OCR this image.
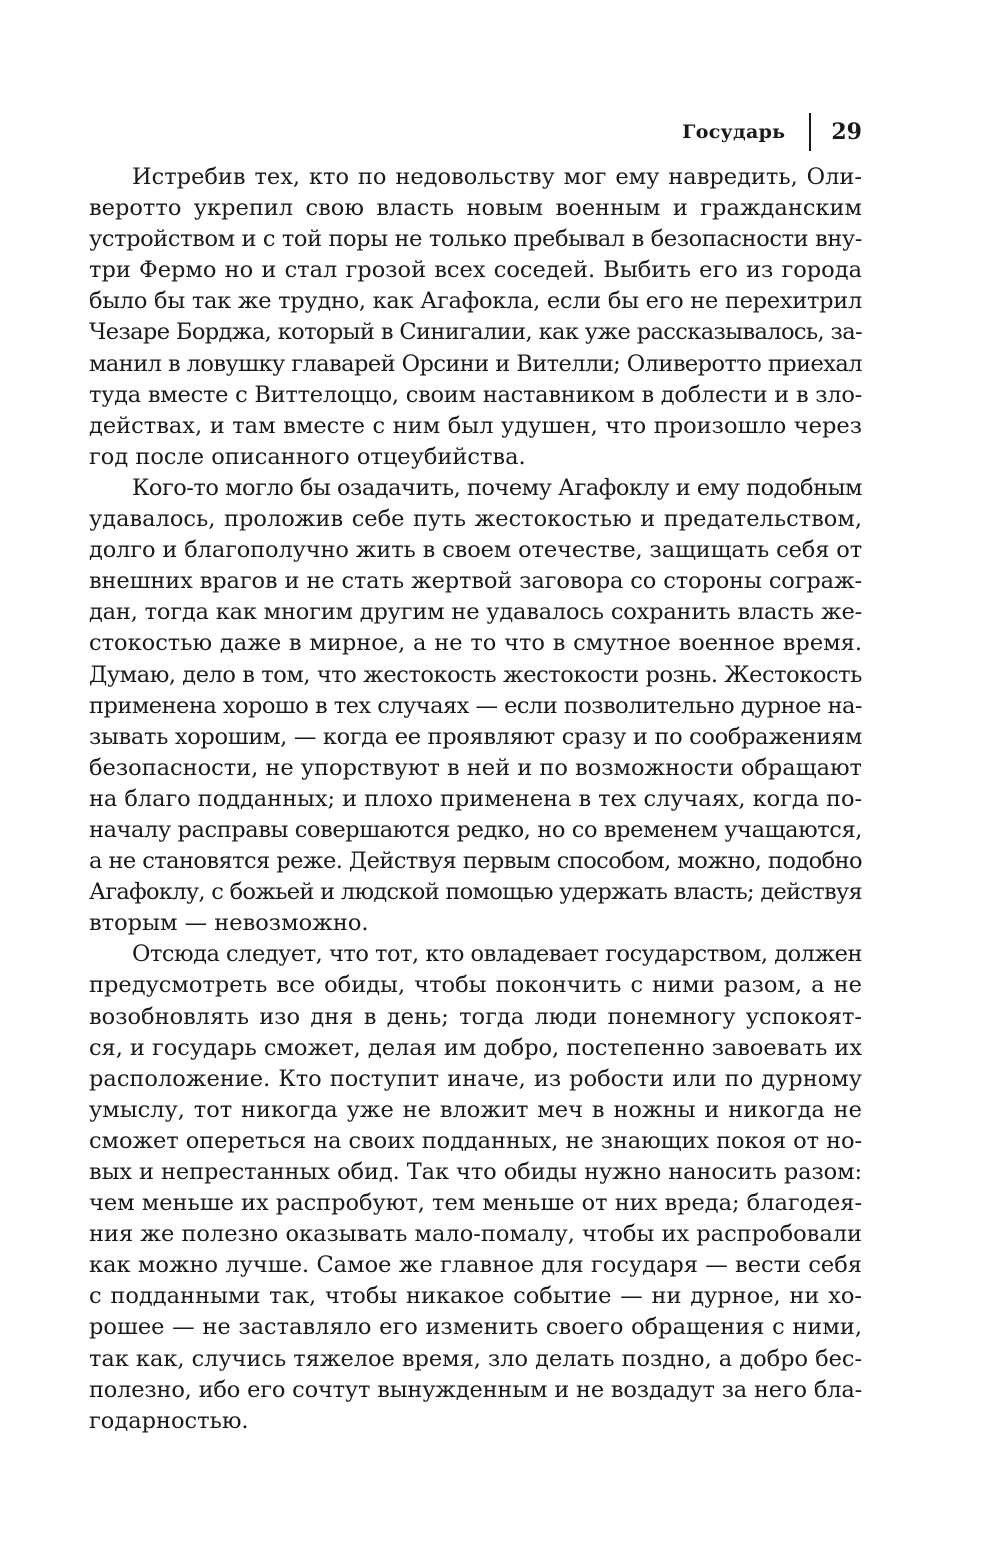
Государь 29
Истребив тех, кто по недовольству мог ему навредить, Оли-
веротто укрепил свою власть новым военным и гражданским
устройством и с той поры не только пребывал в безопасности вну-
три Фермо но и стал грозой всех соседей. Выбить его из города
было бы так же трудно, как Агафокла, если бы его не перехитрил
Чезаре Борджа, который в Синигалии, как уже рассказывалось, за-
манил в ловушку главарей Орсини и Вителли; Оливеротто приехал
туда вместе с Виттелоццо, своим наставником в доблести и в зло-
действах, и там вместе с ним был удушен, что произошло через
год после описанного отцеубийства.
Кого-то могло бы озадачить, почему Агафоклу и ему подобным
удавалось, проложив себе путь жестокостью и предательством,
долго и благополучно жить в своем отечестве, защищать себя от
внешних врагов и не стать жертвой заговора со стороны сограж-
дан, тогда как многим другим не удавалось сохранить власть же-
стокостью даже в мирное, а не то что в смутное военное время.
Думаю, дело в том, что жестокость жестокости рознь. Жестокость
применена хорошо в тех случаях — если позволительно дурное на-
зывать хорошим, — когда ее проявляют сразу и по соображениям
безопасности, не упорствуют в ней и по возможности обращают
на благо подданных; и плохо применена в тех случаях, когда по-
началу расправы совершаются редко, но со временем учащаются,
а не становятся реже. Действуя первым способом, можно, подобно
Агафоклу, с божьей и людской помощью удержать власть; действуя
вторым — невозможно.
Отсюда следует, что тот, кто овладевает государством, должен
предусмотреть все обиды, чтобы покончить с ними разом, а не
возобновлять изо дня в день; тогда люди понемногу успокоят-
ся, и государь сможет, делая им добро, постепенно завоевать их
расположение. Кто поступит иначе, из робости или по дурному
умыслу, тот никогда уже не вложит меч в ножны и никогда не
сможет опереться на своих подданных, не знающих покоя от но-
вых и непрестанных обид. Так что обиды нужно наносить разом:
чем меньше их распробуют, тем меньше от них вреда; благодея-
ния же полезно оказывать мало-помалу, чтобы их распробовали
как можно лучше. Самое же главное для государя — вести себя
с подданными так, чтобы никакое событие — ни дурное, ни хо-
рошее — не заставляло его изменить своего обращения с ними,
так как, случись тяжелое время, зло делать поздно, а добро бес-
полезно, ибо его сочтут вынужденным и не воздадут за него бла-
годарностью.
